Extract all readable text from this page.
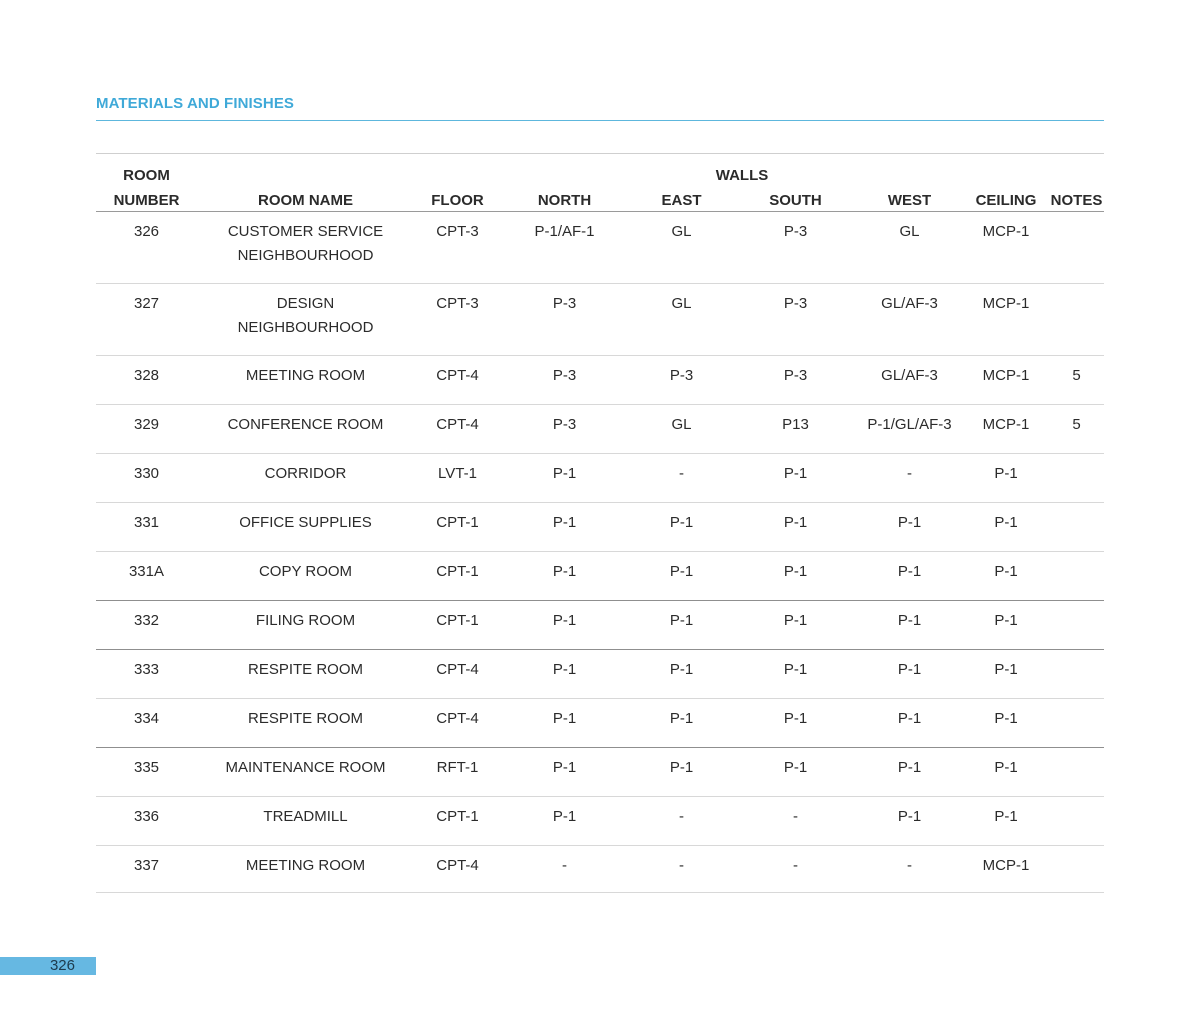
MATERIALS AND FINISHES
ROOM				WALLS				
NUMBER	ROOM NAME	FLOOR	NORTH	EAST	SOUTH	WEST	CEILING	NOTES
326	CUSTOMER SERVICE
NEIGHBOURHOOD	CPT-3	P-1/AF-1	GL	P-3	GL	MCP-1	
327	DESIGN
NEIGHBOURHOOD	CPT-3	P-3	GL	P-3	GL/AF-3	MCP-1	
328	MEETING ROOM	CPT-4	P-3	P-3	P-3	GL/AF-3	MCP-1	5
329	CONFERENCE ROOM	CPT-4	P-3	GL	P13	P-1/GL/AF-3	MCP-1	5
330	CORRIDOR	LVT-1	P-1	-	P-1	-	P-1	
331	OFFICE SUPPLIES	CPT-1	P-1	P-1	P-1	P-1	P-1	
331A	COPY ROOM	CPT-1	P-1	P-1	P-1	P-1	P-1	
332	FILING ROOM	CPT-1	P-1	P-1	P-1	P-1	P-1	
333	RESPITE ROOM	CPT-4	P-1	P-1	P-1	P-1	P-1	
334	RESPITE ROOM	CPT-4	P-1	P-1	P-1	P-1	P-1	
335	MAINTENANCE ROOM	RFT-1	P-1	P-1	P-1	P-1	P-1	
336	TREADMILL	CPT-1	P-1	-	-	P-1	P-1	
337	MEETING ROOM	CPT-4	-	-	-	-	MCP-1	
326
